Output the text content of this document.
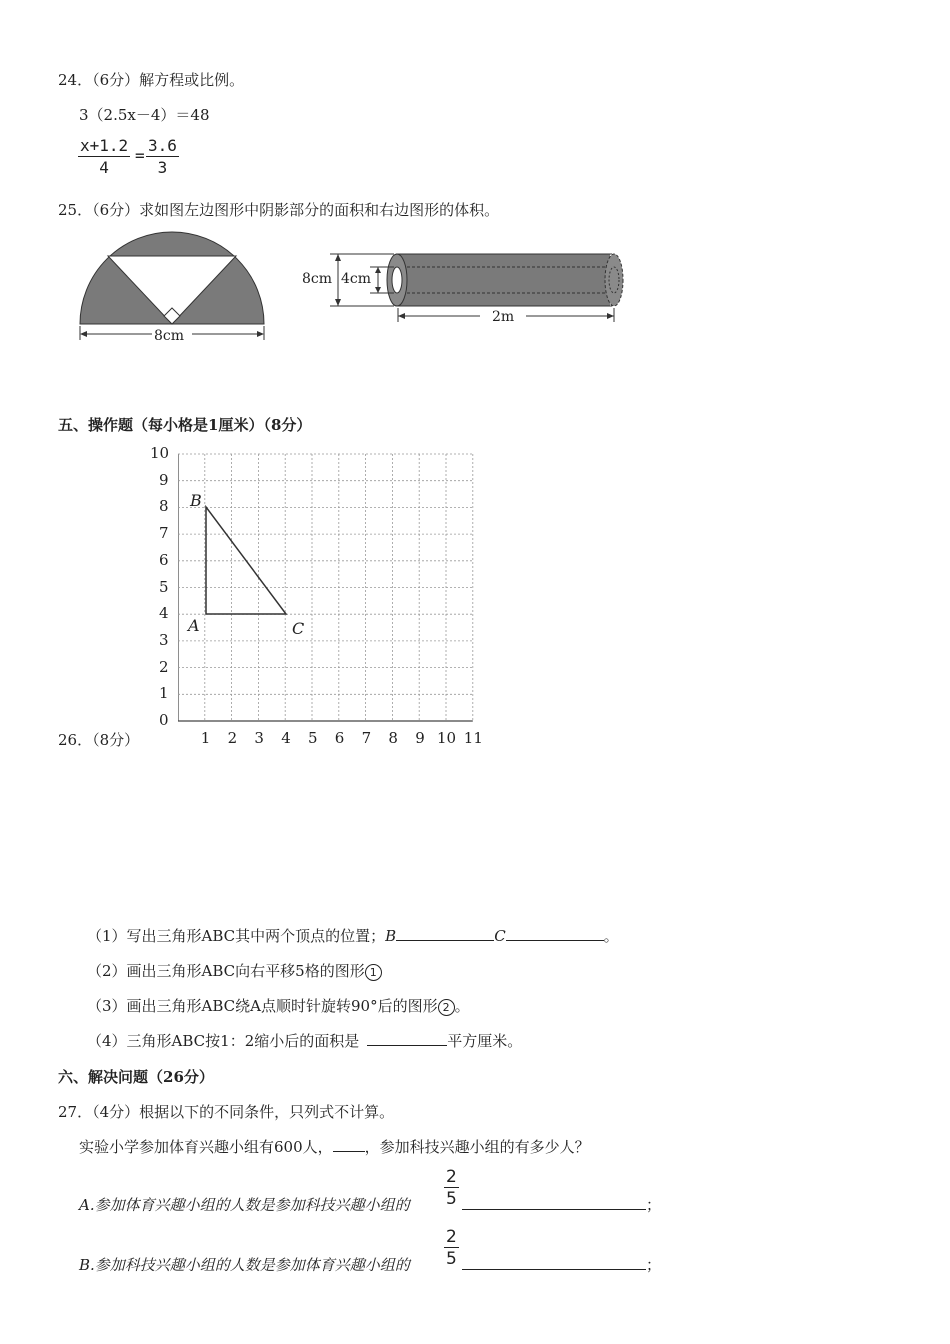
24．（6分）解方程或比例。
3（2.5x－4）＝48
$\frac{x+1.2}{4} = \frac{3.6}{3}$
25．（6分）求如图左边图形中阴影部分的面积和右边图形的体积。
8cm
8cm 4cm
2m
五、操作题（每小格是1厘米）（8分）
0
1
2
3
4
5
6
7
8
9
10
1 2 3 4 5 6 7 8 9 10 11
B
A	C
26．（8分）
（1）写出三角形ABC其中两个顶点的位置；B	C	。
（2）画出三角形ABC向右平移5格的图形 1
（3）画出三角形ABC绕A点顺时针旋转90°后的图形 2 。
（4）三角形ABC按1：2缩小后的面积是	平方厘米。
六、解决问题（26分）
27．（4分）根据以下的不同条件，只列式不计算。
实验小学参加体育兴趣小组有600人， ，参加科技兴趣小组的有多少人？
A.参加体育兴趣小组的人数是参加科技兴趣小组的 $\frac{2}{5}$	；
B.参加科技兴趣小组的人数是参加体育兴趣小组的 $\frac{2}{5}$	；
